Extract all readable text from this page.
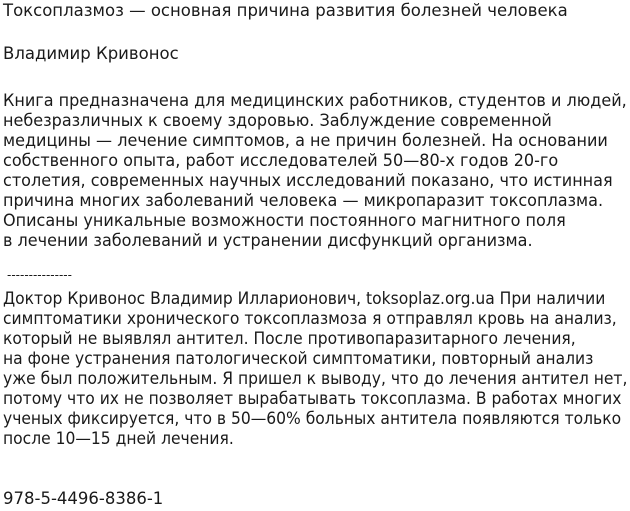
Токсоплазмоз — основная причина развития болезней человека
Владимир Кривонос
Книга предназначена для медицинских работников, студентов и людей,
небезразличных к своему здоровью. Заблуждение современной
медицины — лечение симптомов, а не причин болезней. На основании
собственного опыта, работ исследователей 50—80-х годов 20-го
столетия, современных научных исследований показано, что истинная
причина многих заболеваний человека — микропаразит токсоплазма.
Описаны уникальные возможности постоянного магнитного поля
в лечении заболеваний и устранении дисфункций организма.
---------------
Доктор Кривонос Владимир Илларионович, toksoplaz.org.ua При наличии
симптоматики хронического токсоплазмоза я отправлял кровь на анализ,
который не выявлял антител. После противопаразитарного лечения,
на фоне устранения патологической симптоматики, повторный анализ
уже был положительным. Я пришел к выводу, что до лечения антител нет,
потому что их не позволяет вырабатывать токсоплазма. В работах многих
ученых фиксируется, что в 50—60% больных антитела появляются только
после 10—15 дней лечения.
978-5-4496-8386-1
